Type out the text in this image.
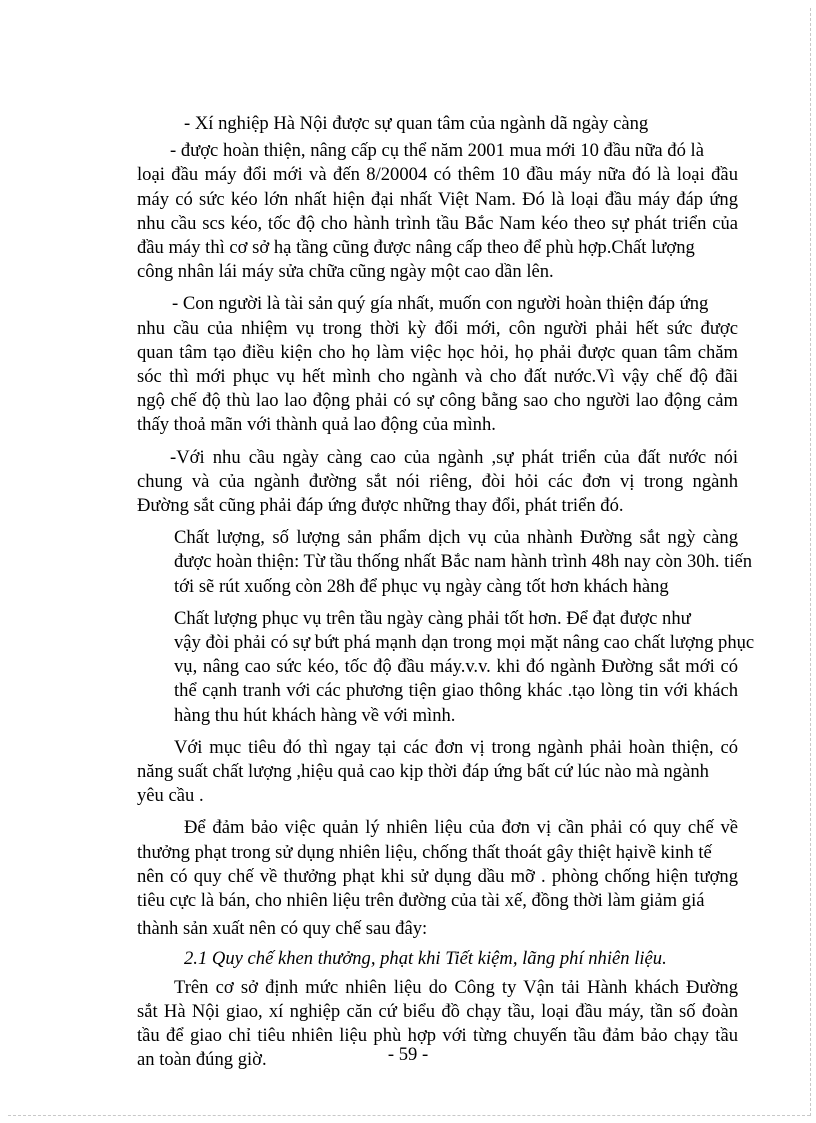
- Xí nghiệp Hà Nội được sự quan tâm của ngành dã ngày càng
- được hoàn thiện, nâng cấp cụ thể năm 2001 mua mới 10 đầu nữa đó là
loại đầu máy đổi mới và đến 8/20004 có thêm 10 đầu máy nữa đó là loại đầu
máy có sức kéo lớn nhất hiện đại nhất Việt Nam. Đó là loại đầu máy đáp ứng
nhu cầu scs kéo, tốc độ cho hành trình tầu Bắc Nam kéo theo sự phát triển của
đầu máy thì cơ sở hạ tầng cũng được nâng cấp theo để phù hợp.Chất lượng
công nhân lái máy sửa chữa cũng ngày một cao dần lên.
- Con người là tài sản quý gía nhất, muốn con người hoàn thiện đáp ứng
nhu cầu của nhiệm vụ trong thời kỳ đổi mới, côn người phải hết sức được
quan tâm tạo điều kiện cho họ làm việc học hỏi, họ phải được quan tâm chăm
sóc thì mới phục vụ hết mình cho ngành và cho đất nước.Vì vậy chế độ đãi
ngộ chế độ thù lao lao động phải có sự công bằng sao cho người lao động cảm
thấy thoả mãn với thành quả lao động của mình.
-Với nhu cầu ngày càng cao của ngành ,sự phát triển của đất nước nói
chung và của ngành đường sắt nói riêng, đòi hỏi các đơn vị trong ngành
Đường sắt cũng phải đáp ứng được những thay đổi, phát triển đó.
Chất lượng, số lượng sản phẩm dịch vụ của nhành Đường sắt ngỳ càng
được hoàn thiện: Từ tầu thống nhất Bắc nam hành trình 48h nay còn 30h. tiến
tới sẽ rút xuống còn 28h để phục vụ ngày càng tốt hơn khách hàng
Chất lượng phục vụ trên tầu ngày càng phải tốt hơn. Để đạt được như
vậy đòi phải có sự bứt phá mạnh dạn trong mọi mặt nâng cao chất lượng phục
vụ, nâng cao sức kéo, tốc độ đầu máy.v.v. khi đó ngành Đường sắt mới có
thể cạnh tranh với các phương tiện giao thông khác .tạo lòng tin với khách
hàng thu hút khách hàng về với mình.
Với mục tiêu đó thì ngay tại các đơn vị trong ngành phải hoàn thiện, có
năng suất chất lượng ,hiệu quả cao kịp thời đáp ứng bất cứ lúc nào mà ngành
yêu cầu .
Để đảm bảo việc quản lý nhiên liệu của đơn vị cần phải có quy chế về
thưởng phạt trong sử dụng nhiên liệu, chống thất thoát gây thiệt hạivề kinh tế
nên có quy chế về thưởng phạt khi sử dụng dầu mỡ . phòng chống hiện tượng
tiêu cực là bán, cho nhiên liệu trên đường của tài xế, đồng thời làm giảm giá
thành sản xuất nên có quy chế sau đây:
2.1 Quy chế khen thưởng, phạt khi Tiết kiệm, lãng phí nhiên liệu.
Trên cơ sở định mức nhiên liệu do Công ty Vận tải Hành khách Đường
sắt Hà Nội giao, xí nghiệp căn cứ biểu đồ chạy tầu, loại đầu máy, tần số đoàn
tầu để giao chỉ tiêu nhiên liệu phù hợp với từng chuyến tầu đảm bảo chạy tầu
an toàn đúng giờ.	- 59 -
